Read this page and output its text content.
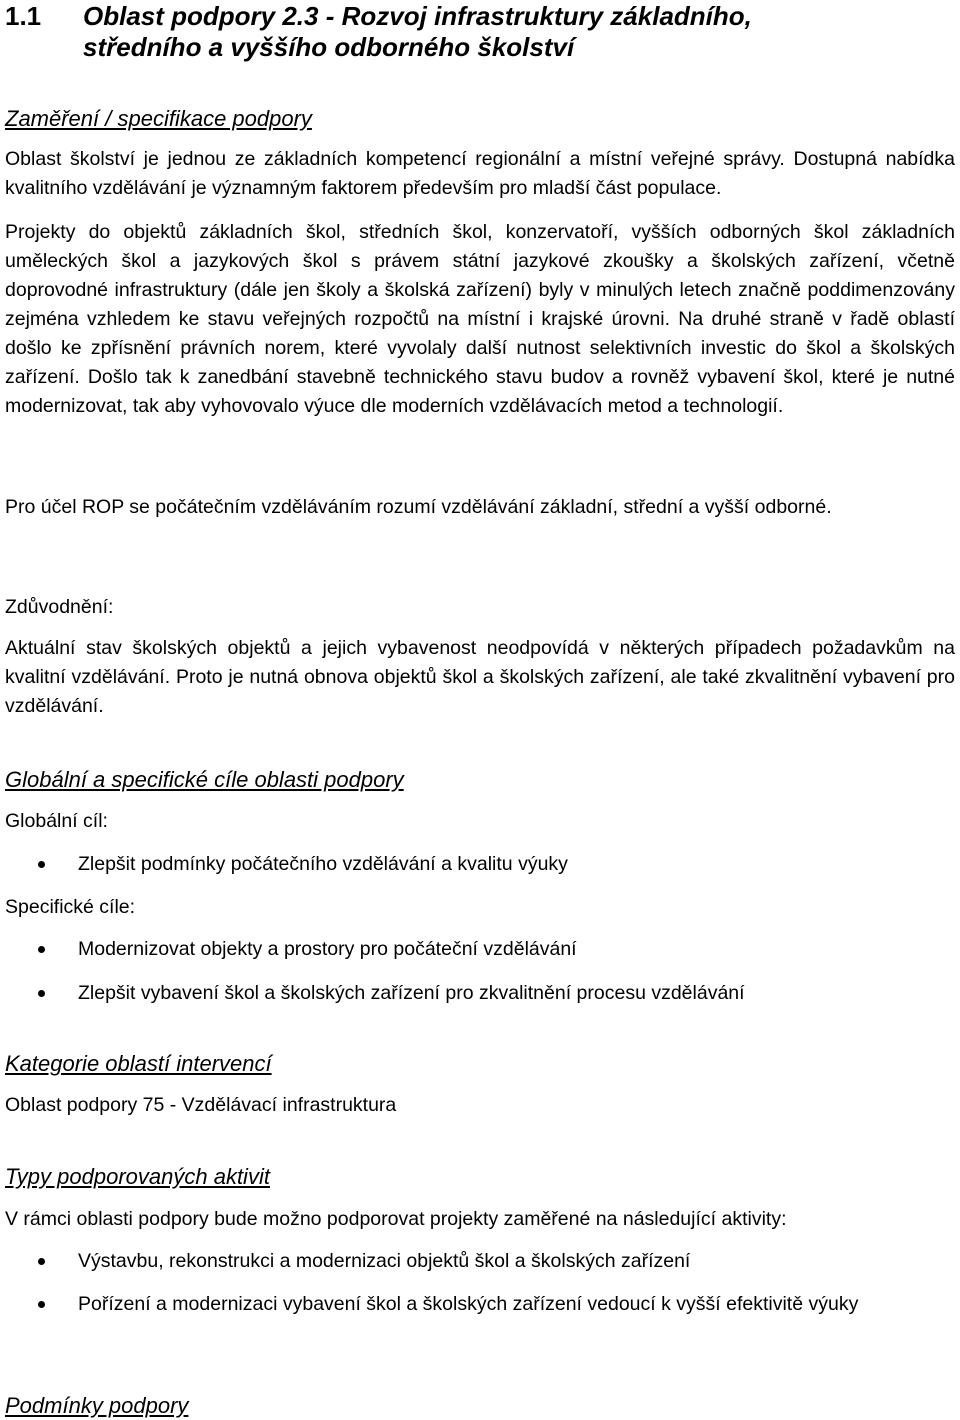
1.1 Oblast podpory 2.3 - Rozvoj infrastruktury základního,
středního a vyššího odborného školství
Zaměření / specifikace podpory

Oblast školství je jednou ze základních kompetencí regionální a místní veřejné správy. Dostupná nabídka kvalitního vzdělávání je významným faktorem především pro mladší část populace.

Projekty do objektů základních škol, středních škol, konzervatoří, vyšších odborných škol základních uměleckých škol a jazykových škol s právem státní jazykové zkoušky a školských zařízení, včetně doprovodné infrastruktury (dále jen školy a školská zařízení) byly v minulých letech značně poddimenzovány zejména vzhledem ke stavu veřejných rozpočtů na místní i krajské úrovni. Na druhé straně v řadě oblastí došlo ke zpřísnění právních norem, které vyvolaly další nutnost selektivních investic do škol a školských zařízení. Došlo tak k zanedbání stavebně technického stavu budov a rovněž vybavení škol, které je nutné modernizovat, tak aby vyhovovalo výuce dle moderních vzdělávacích metod a technologií.

Pro účel ROP se počátečním vzděláváním rozumí vzdělávání základní, střední a vyšší odborné.

Zdůvodnění:

Aktuální stav školských objektů a jejich vybavenost neodpovídá v některých případech požadavkům na kvalitní vzdělávání. Proto je nutná obnova objektů škol a školských zařízení, ale také zkvalitnění vybavení pro vzdělávání.

Globální a specifické cíle oblasti podpory
Globální cíl:
Zlepšit podmínky počátečního vzdělávání a kvalitu výuky
Specifické cíle:
Modernizovat objekty a prostory pro počáteční vzdělávání
Zlepšit vybavení škol a školských zařízení pro zkvalitnění procesu vzdělávání
Kategorie oblastí intervencí
Oblast podpory 75 - Vzdělávací infrastruktura
Typy podporovaných aktivit
V rámci oblasti podpory bude možno podporovat projekty zaměřené na následující aktivity:
Výstavbu, rekonstrukci a modernizaci objektů škol a školských zařízení
Pořízení a modernizaci vybavení škol a školských zařízení vedoucí k vyšší efektivitě výuky
Podmínky podpory
